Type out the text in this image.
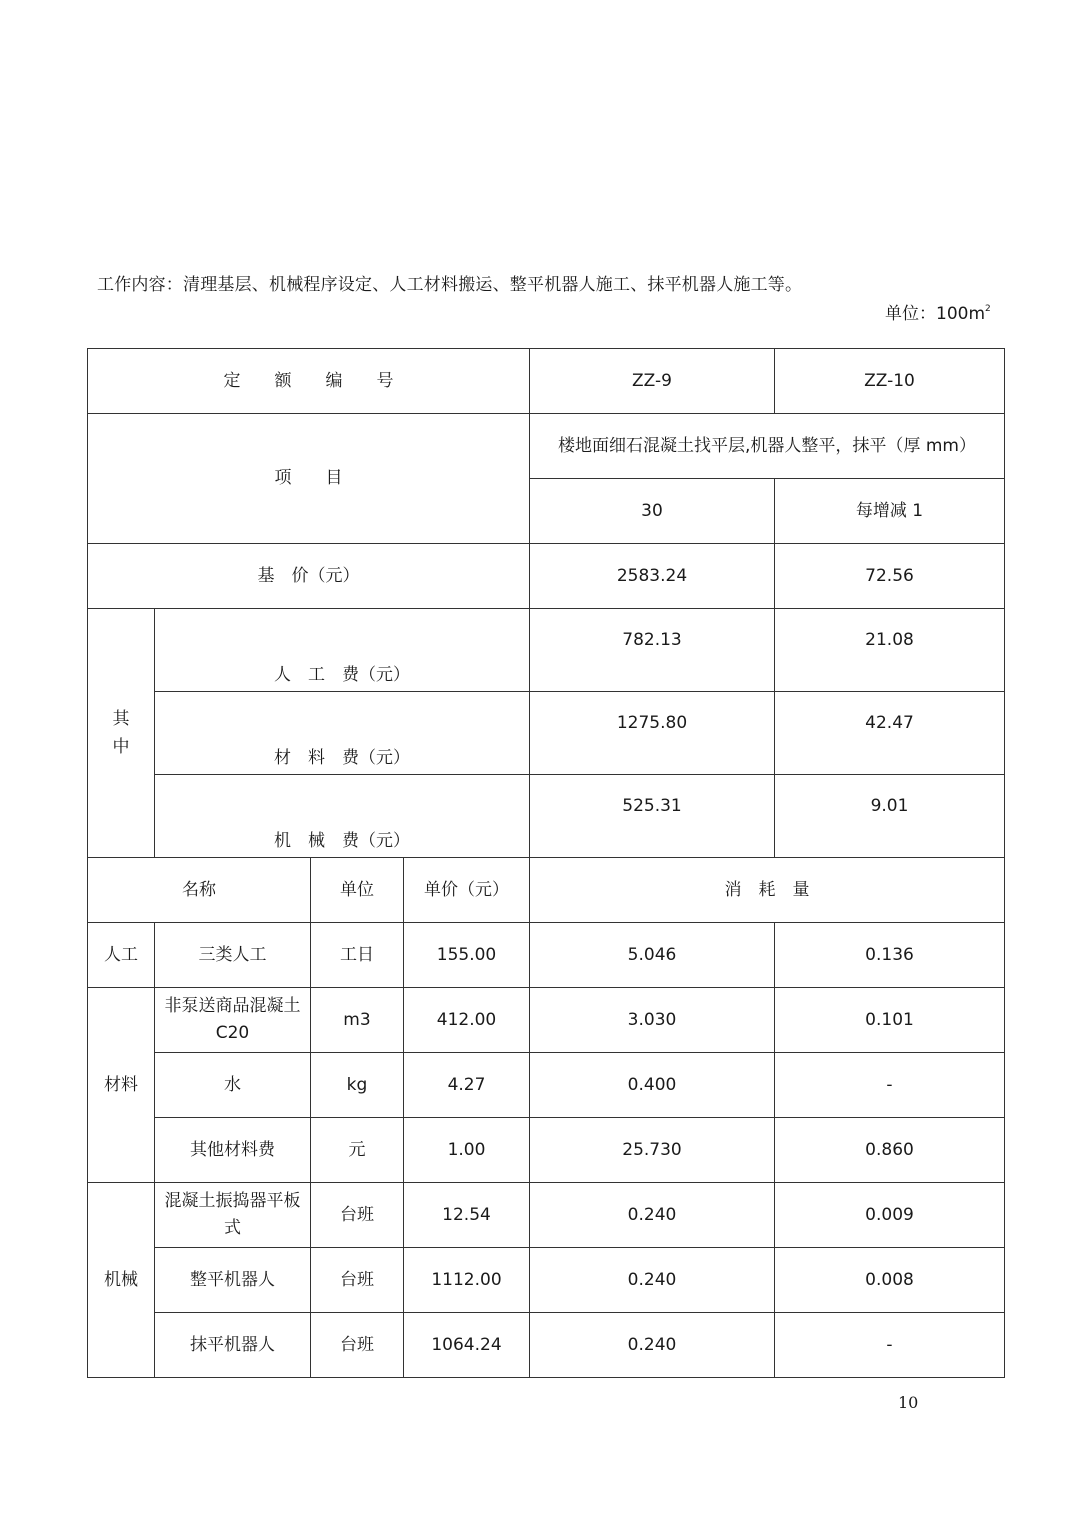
工作内容：清理基层、机械程序设定、人工材料搬运、整平机器人施工、抹平机器人施工等。
单位：$100m^2$
定　　额　　编　　号				ZZ-9	ZZ-10
项　　目				楼地面细石混凝土找平层,机器人整平，抹平（厚 mm）	
				30	每增减 1
基　价（元）				2583.24	72.56
其
中	人　工　费（元）			782.13	21.08
	材　料　费（元）			1275.80	42.47
	机　械　费（元）			525.31	9.01
名称		单位	单价（元）	消　耗　量	
人工	三类人工	工日	155.00	5.046	0.136
材料	非泵送商品混凝土 C20	m3	412.00	3.030	0.101
	水	kg	4.27	0.400	-
	其他材料费	元	1.00	25.730	0.860
机械	混凝土振捣器平板式	台班	12.54	0.240	0.009
	整平机器人	台班	1112.00	0.240	0.008
	抹平机器人	台班	1064.24	0.240	-
10
